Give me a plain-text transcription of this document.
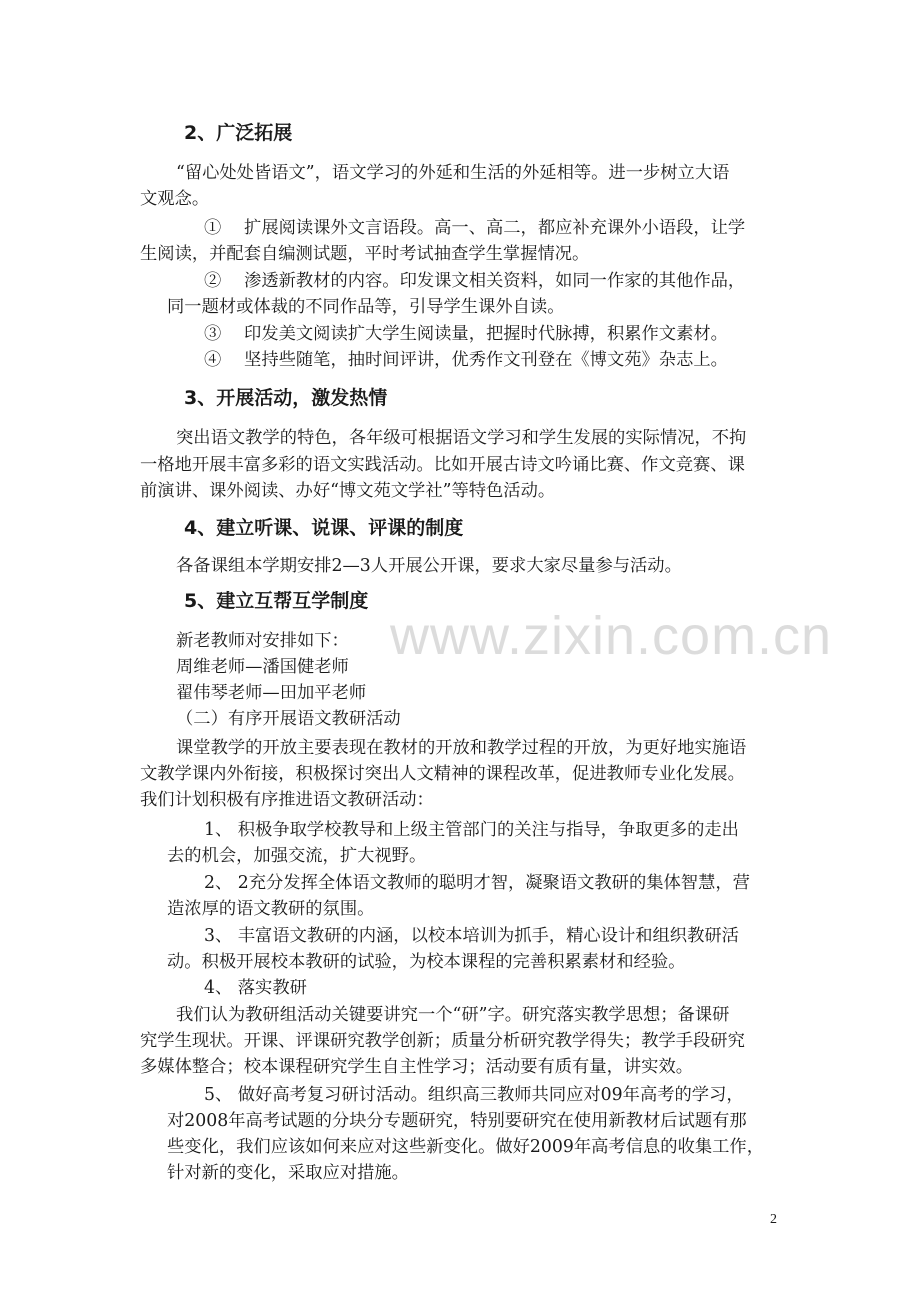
www.zixin.com.cn
2、广泛拓展
“留心处处皆语文”，语文学习的外延和生活的外延相等。进一步树立大语
文观念。
①　 扩展阅读课外文言语段。高一、高二，都应补充课外小语段，让学
生阅读，并配套自编测试题，平时考试抽查学生掌握情况。
②　 渗透新教材的内容。印发课文相关资料，如同一作家的其他作品，
同一题材或体裁的不同作品等，引导学生课外自读。
③　 印发美文阅读扩大学生阅读量，把握时代脉搏，积累作文素材。
④　 坚持些随笔，抽时间评讲，优秀作文刊登在《博文苑》杂志上。
3、开展活动，激发热情
突出语文教学的特色，各年级可根据语文学习和学生发展的实际情况，不拘
一格地开展丰富多彩的语文实践活动。比如开展古诗文吟诵比赛、作文竞赛、课
前演讲、课外阅读、办好“博文苑文学社”等特色活动。
4、建立听课、说课、评课的制度
各备课组本学期安排2—3人开展公开课，要求大家尽量参与活动。
5、建立互帮互学制度
新老教师对安排如下：
周维老师—潘国健老师
翟伟琴老师—田加平老师
（二）有序开展语文教研活动
课堂教学的开放主要表现在教材的开放和教学过程的开放，为更好地实施语
文教学课内外衔接，积极探讨突出人文精神的课程改革，促进教师专业化发展。
我们计划积极有序推进语文教研活动：
1、 积极争取学校教导和上级主管部门的关注与指导，争取更多的走出
去的机会，加强交流，扩大视野。
2、 2充分发挥全体语文教师的聪明才智，凝聚语文教研的集体智慧，营
造浓厚的语文教研的氛围。
3、 丰富语文教研的内涵，以校本培训为抓手，精心设计和组织教研活
动。积极开展校本教研的试验，为校本课程的完善积累素材和经验。
4、 落实教研
我们认为教研组活动关键要讲究一个“研”字。研究落实教学思想；备课研
究学生现状。开课、评课研究教学创新；质量分析研究教学得失；教学手段研究
多媒体整合；校本课程研究学生自主性学习；活动要有质有量，讲实效。
5、 做好高考复习研讨活动。组织高三教师共同应对09年高考的学习，
对2008年高考试题的分块分专题研究，特别要研究在使用新教材后试题有那
些变化，我们应该如何来应对这些新变化。做好2009年高考信息的收集工作，
针对新的变化，采取应对措施。
2
